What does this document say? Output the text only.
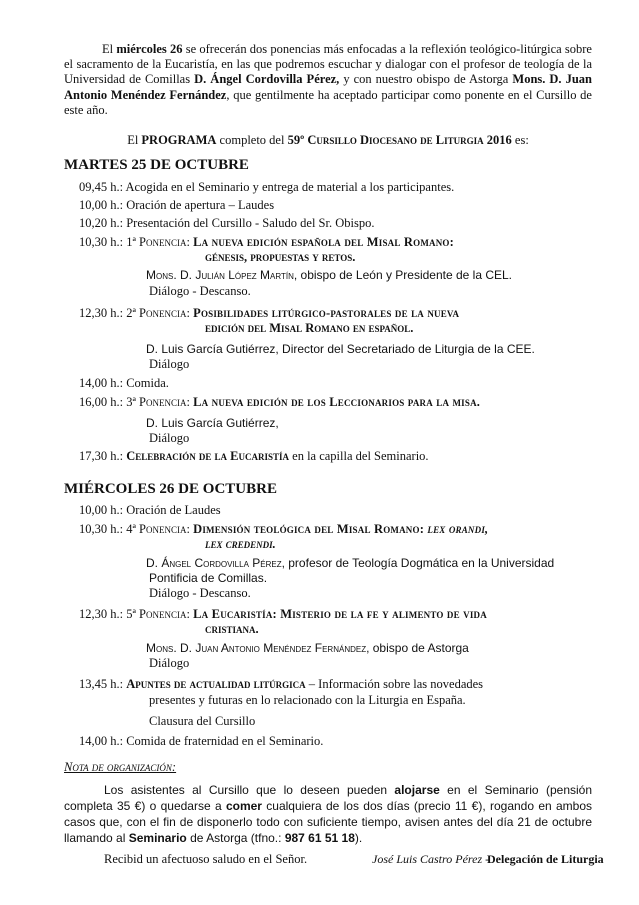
El miércoles 26 se ofrecerán dos ponencias más enfocadas a la reflexión teológico-litúrgica sobre el sacramento de la Eucaristía, en las que podremos escuchar y dialogar con el profesor de teología de la Universidad de Comillas D. Ángel Cordovilla Pérez, y con nuestro obispo de Astorga Mons. D. Juan Antonio Menéndez Fernández, que gentilmente ha aceptado participar como ponente en el Cursillo de este año.
El PROGRAMA completo del 59º Cursillo Diocesano de Liturgia 2016 es:
MARTES 25 DE OCTUBRE
09,45 h.: Acogida en el Seminario y entrega de material a los participantes.
10,00 h.: Oración de apertura – Laudes
10,20 h.: Presentación del Cursillo - Saludo del Sr. Obispo.
10,30 h.: 1ª Ponencia: La nueva edición española del Misal Romano:
génesis, propuestas y retos.
Mons. D. Julián López Martín, obispo de León y Presidente de la CEL.
Diálogo - Descanso.
12,30 h.: 2ª Ponencia: Posibilidades litúrgico-pastorales de la nueva
edición del Misal Romano en español.
D. Luis García Gutiérrez, Director del Secretariado de Liturgia de la CEE.
Diálogo
14,00 h.: Comida.
16,00 h.: 3ª Ponencia: La nueva edición de los Leccionarios para la misa.
D. Luis García Gutiérrez,
Diálogo
17,30 h.: Celebración de la Eucaristía en la capilla del Seminario.
MIÉRCOLES 26 DE OCTUBRE
10,00 h.: Oración de Laudes
10,30 h.: 4ª Ponencia: Dimensión teológica del Misal Romano: lex orandi,
lex credendi.
D. Ángel Cordovilla Pérez, profesor de Teología Dogmática en la Universidad
Pontificia de Comillas.
Diálogo - Descanso.
12,30 h.: 5ª Ponencia: La Eucaristía: Misterio de la fe y alimento de vida
cristiana.
Mons. D. Juan Antonio Menéndez Fernández, obispo de Astorga
Diálogo
13,45 h.: Apuntes de actualidad litúrgica – Información sobre las novedades
presentes y futuras en lo relacionado con la Liturgia en España.
Clausura del Cursillo
14,00 h.: Comida de fraternidad en el Seminario.
Nota de organización:
Los asistentes al Cursillo que lo deseen pueden alojarse en el Seminario (pensión completa 35 €) o quedarse a comer cualquiera de los dos días (precio 11 €), rogando en ambos casos que, con el fin de disponerlo todo con suficiente tiempo, avisen antes del día 21 de octubre llamando al Seminario de Astorga (tfno.: 987 61 51 18).
Recibid un afectuoso saludo en el Señor.	José Luis Castro Pérez -
Delegación de Liturgia
